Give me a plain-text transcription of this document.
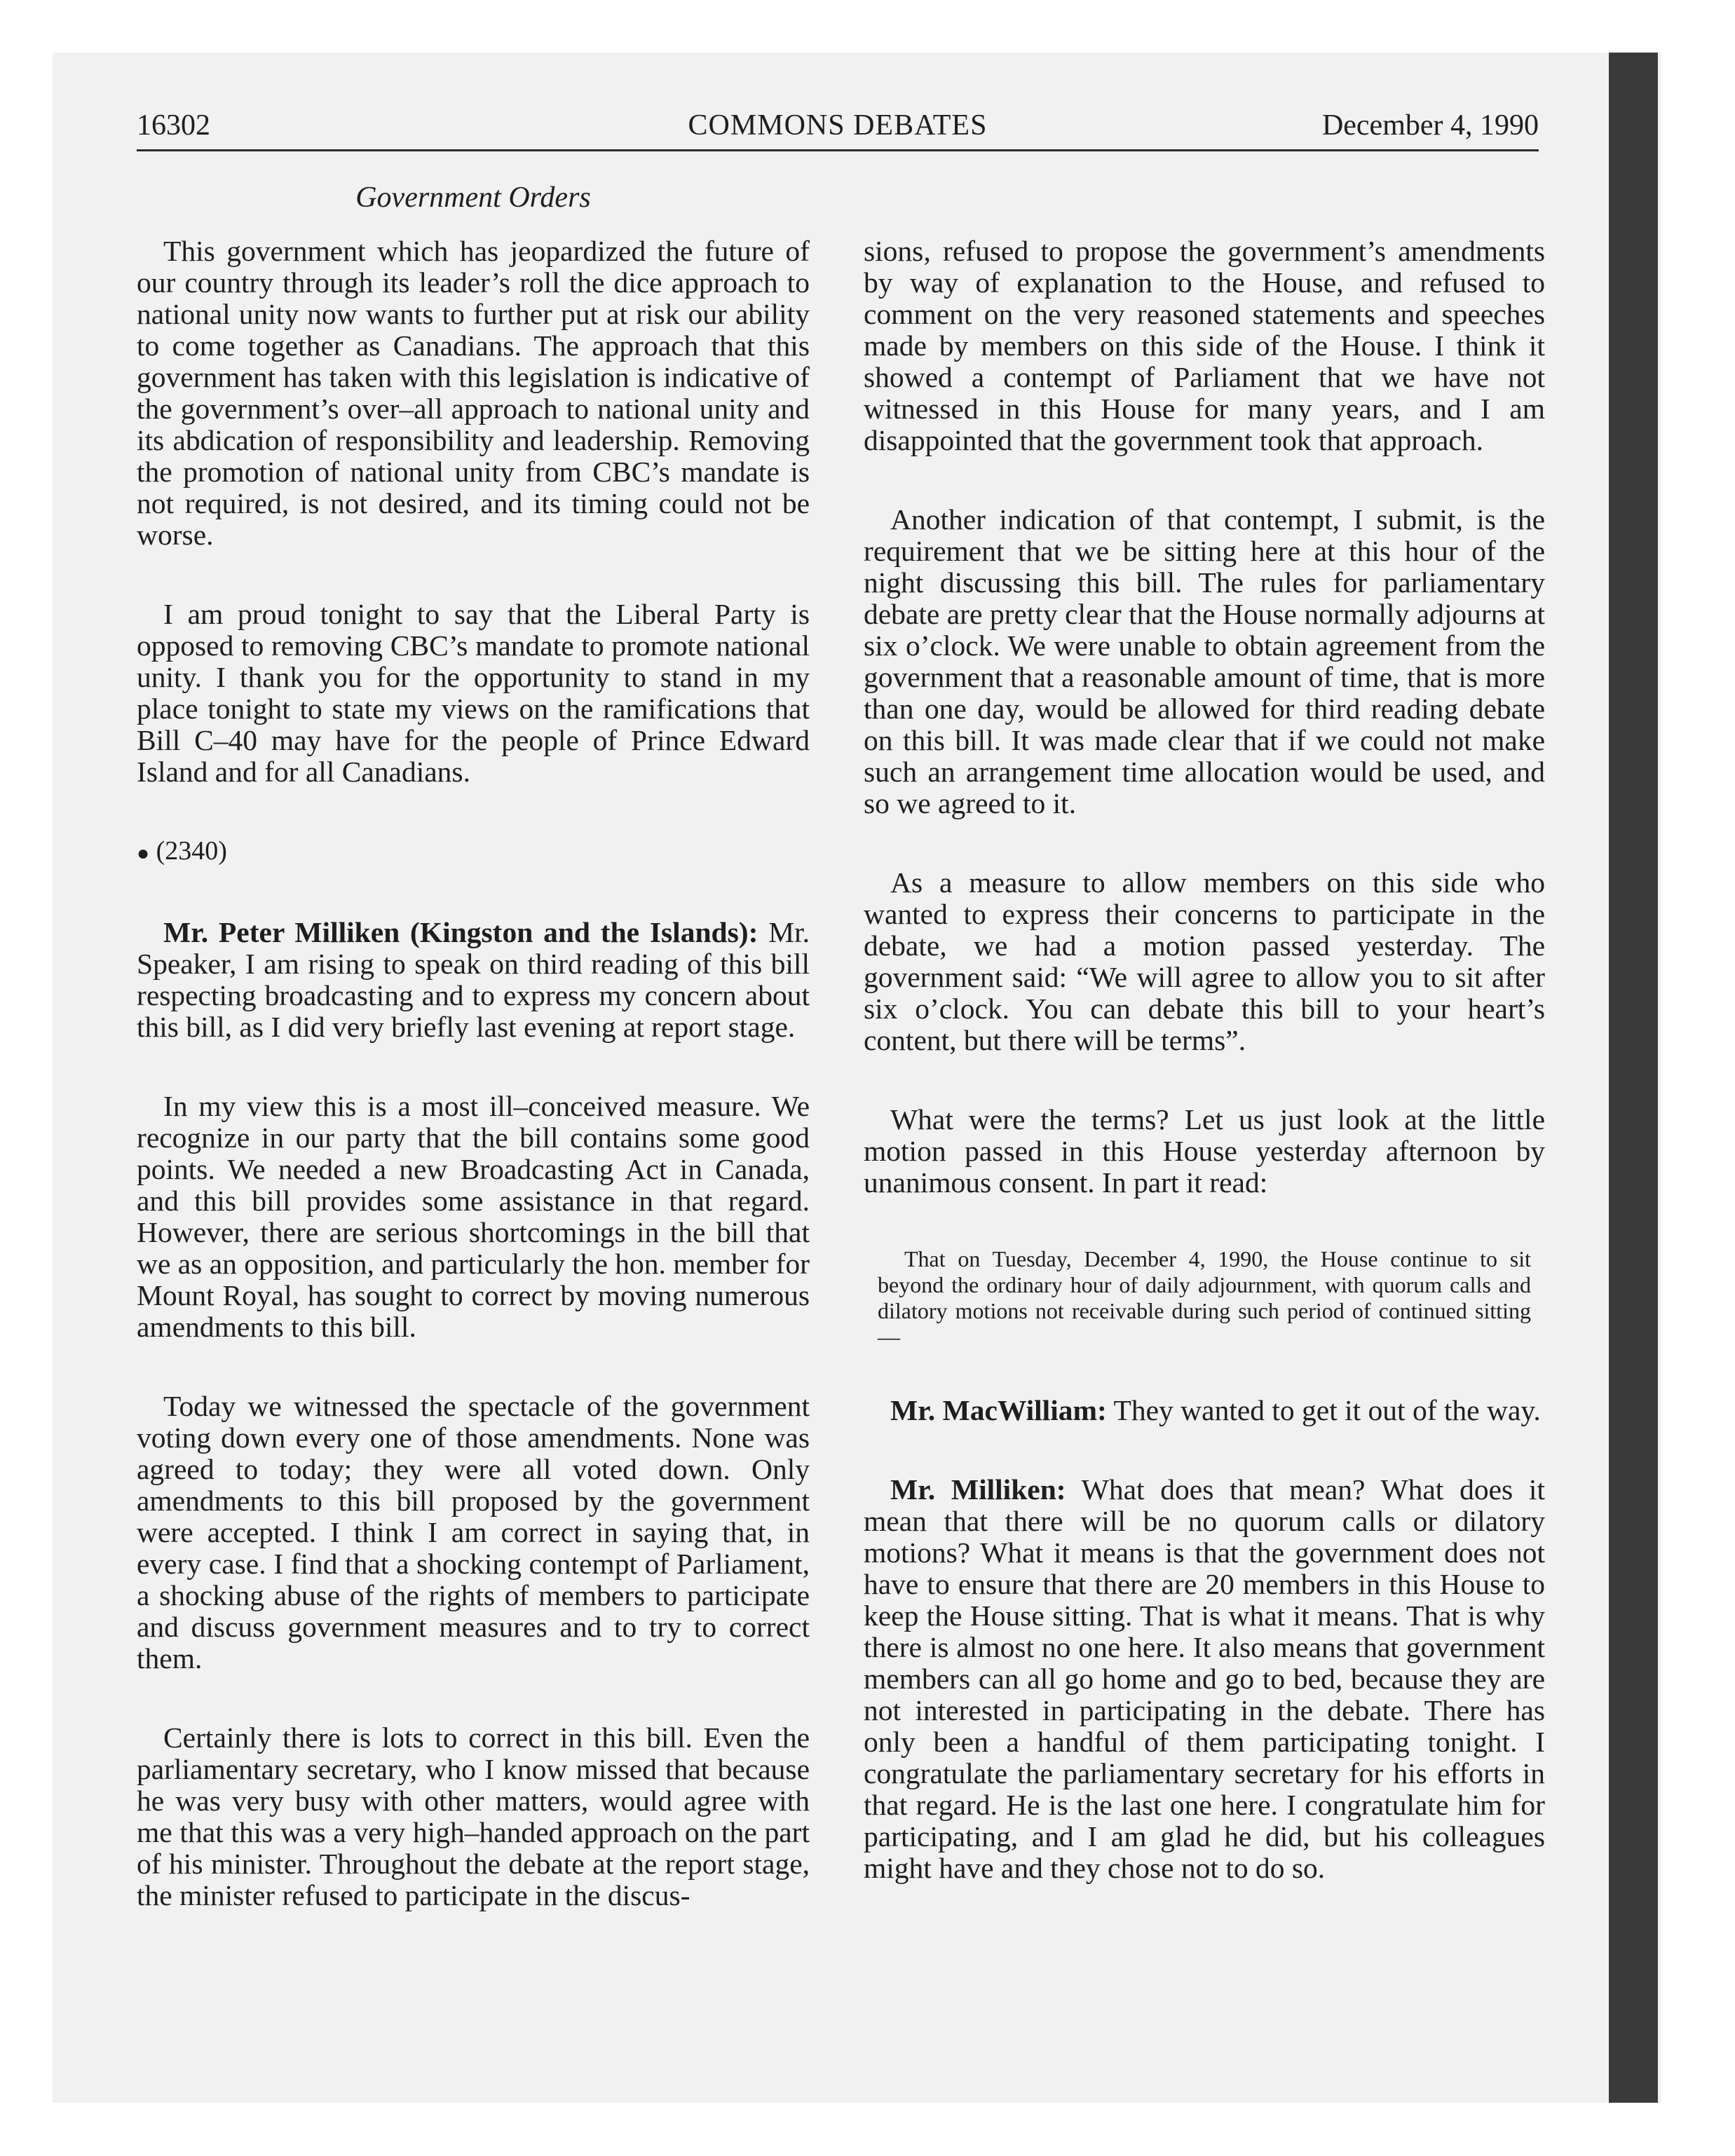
16302	COMMONS DEBATES	December 4, 1990
Government Orders

This government which has jeopardized the future of our country through its leader’s roll the dice approach to national unity now wants to further put at risk our ability to come together as Canadians. The approach that this government has taken with this legislation is indicative of the government’s over–all approach to national unity and its abdication of responsibility and leadership. Removing the promotion of national unity from CBC’s mandate is not required, is not desired, and its timing could not be worse.

I am proud tonight to say that the Liberal Party is opposed to removing CBC’s mandate to promote national unity. I thank you for the opportunity to stand in my place tonight to state my views on the ramifications that Bill C–40 may have for the people of Prince Edward Island and for all Canadians.

● (2340)

Mr. Peter Milliken (Kingston and the Islands): Mr. Speaker, I am rising to speak on third reading of this bill respecting broadcasting and to express my concern about this bill, as I did very briefly last evening at report stage.

In my view this is a most ill–conceived measure. We recognize in our party that the bill contains some good points. We needed a new Broadcasting Act in Canada, and this bill provides some assistance in that regard. However, there are serious shortcomings in the bill that we as an opposition, and particularly the hon. member for Mount Royal, has sought to correct by moving numerous amendments to this bill.

Today we witnessed the spectacle of the government voting down every one of those amendments. None was agreed to today; they were all voted down. Only amendments to this bill proposed by the government were accepted. I think I am correct in saying that, in every case. I find that a shocking contempt of Parliament, a shocking abuse of the rights of members to participate and discuss government measures and to try to correct them.

Certainly there is lots to correct in this bill. Even the parliamentary secretary, who I know missed that because he was very busy with other matters, would agree with me that this was a very high–handed approach on the part of his minister. Throughout the debate at the report stage, the minister refused to participate in the discus-

sions, refused to propose the government’s amendments by way of explanation to the House, and refused to comment on the very reasoned statements and speeches made by members on this side of the House. I think it showed a contempt of Parliament that we have not witnessed in this House for many years, and I am disappointed that the government took that approach.

Another indication of that contempt, I submit, is the requirement that we be sitting here at this hour of the night discussing this bill. The rules for parliamentary debate are pretty clear that the House normally adjourns at six o’clock. We were unable to obtain agreement from the government that a reasonable amount of time, that is more than one day, would be allowed for third reading debate on this bill. It was made clear that if we could not make such an arrangement time allocation would be used, and so we agreed to it.

As a measure to allow members on this side who wanted to express their concerns to participate in the debate, we had a motion passed yesterday. The government said: “We will agree to allow you to sit after six o’clock. You can debate this bill to your heart’s content, but there will be terms”.

What were the terms? Let us just look at the little motion passed in this House yesterday afternoon by unanimous consent. In part it read:

That on Tuesday, December 4, 1990, the House continue to sit beyond the ordinary hour of daily adjournment, with quorum calls and dilatory motions not receivable during such period of continued sitting—

Mr. MacWilliam: They wanted to get it out of the way.

Mr. Milliken: What does that mean? What does it mean that there will be no quorum calls or dilatory motions? What it means is that the government does not have to ensure that there are 20 members in this House to keep the House sitting. That is what it means. That is why there is almost no one here. It also means that government members can all go home and go to bed, because they are not interested in participating in the debate. There has only been a handful of them participating tonight. I congratulate the parliamentary secretary for his efforts in that regard. He is the last one here. I congratulate him for participating, and I am glad he did, but his colleagues might have and they chose not to do so.
